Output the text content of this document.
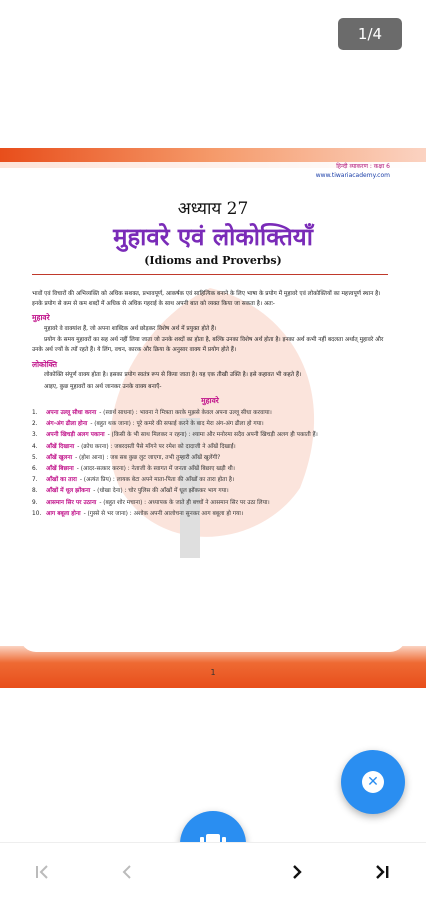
1/4
हिन्दी व्याकरण : कक्षा 6
www.tiwariacademy.com
अध्याय 27
मुहावरे एवं लोकोक्तियाँ
(Idioms and Proverbs)

भावों एवं विचारों की अभिव्यक्ति को अधिक सशक्त, प्रभावपूर्ण, आकर्षक एवं साहित्यिक बनाने के लिए भाषा के प्रयोग में मुहावरे एवं लोकोक्तियों का महत्त्वपूर्ण स्थान है। इनके प्रयोग से कम से कम शब्दों में अधिक से अधिक गहराई के साथ अपनी बात को व्यक्त किया जा सकता है। अतः-

मुहावरे

मुहावरे वे वाक्यांश हैं, जो अपना शाब्दिक अर्थ छोड़कर विशेष अर्थ में प्रयुक्त होते हैं।

प्रयोग के समय मुहावरों का सह अर्थ नहीं लिया जाता जो उनके शब्दों का होता है, बल्कि उनका विशेष अर्थ होता है। इनका अर्थ कभी नहीं बदलता अर्थात् मुहावरे और उनके अर्थ ज्यों के त्यों रहते हैं। ये लिंग, वचन, कारक और क्रिया के अनुसार वाक्य में प्रयोग होते हैं।

लोकोक्ति

लोकोक्ति संपूर्ण वाक्य होता है। इसका प्रयोग स्वतंत्र रूप से किया जाता है। यह एक तीखी उक्ति है। इसे कहावत भी कहते हैं।

आइए, कुछ मुहावरों का अर्थ जानकर उनके वाक्य बनाएँ-

मुहावरे
1.	अपना उल्लू सीधा करना - (स्वार्थ साधना) : भावना ने मित्रता करके मुझसे केवल अपना उल्लू सीधा करवाया।
2.	अंग-अंग ढीला होना - (बहुत थक जाना) : पूरे कमरे की सफाई करने के बाद मेरा अंग-अंग ढीला हो गया।
3.	अपनी खिचड़ी अलग पकाना - (किसी के भी साथ मिलकर न रहना) : श्यामा और मनोरमा सदैव अपनी खिचड़ी अलग ही पकाती हैं।
4.	आँखें दिखाना - (क्रोध करना) : जबरदस्ती पैसे माँगने पर रमेश को दादाजी ने आँखें दिखाईं।
5.	आँखें खुलना - (होश आना) : जब सब कुछ लुट जाएगा, तभी तुम्हारी आँखें खुलेंगी?
6.	आँखें बिछाना - (आदर-सत्कार करना) : नेताजी के स्वागत में जनता आँखें बिछाए खड़ी थी।
7.	आँखों का तारा - (अत्यंत प्रिय) : लायक बेटा अपने माता-पिता की आँखों का तारा होता है।
8.	आँखों में धूल झोंकना - (धोखा देना) : चोर पुलिस की आँखों में धूल झोंककर भाग गया।
9.	आसमान सिर पर उठाना - (बहुत शोर मचाना) : अध्यापक के जाते ही बच्चों ने आसमान सिर पर उठा लिया।
10. आग बबूला होना - (गुस्से से भर जाना) : अशोक अपनी आलोचना सुनकर आग बबूला हो गया।
1
✕
